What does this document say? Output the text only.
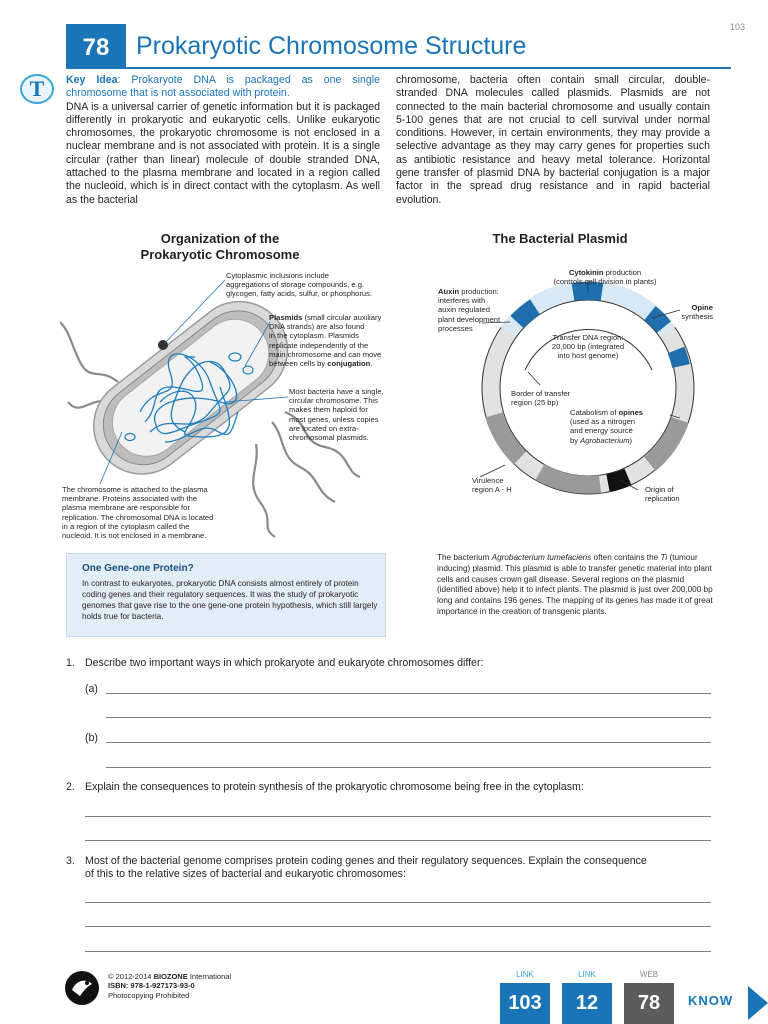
78 Prokaryotic Chromosome Structure
103
T	Key Idea: Prokaryote DNA is packaged as one single chromosome that is not associated with protein.
DNA is a universal carrier of genetic information but it is packaged differently in prokaryotic and eukaryotic cells. Unlike eukaryotic chromosomes, the prokaryotic chromosome is not enclosed in a nuclear membrane and is not associated with protein. It is a single circular (rather than linear) molecule of double stranded DNA, attached to the plasma membrane and located in a region called the nucleoid, which is in direct contact with the cytoplasm. As well as the bacterial
chromosome, bacteria often contain small circular, double-stranded DNA molecules called plasmids. Plasmids are not connected to the main bacterial chromosome and usually contain 5-100 genes that are not crucial to cell survival under normal conditions. However, in certain environments, they may provide a selective advantage as they may carry genes for properties such as antibiotic resistance and heavy metal tolerance. Horizontal gene transfer of plasmid DNA by bacterial conjugation is a major factor in the spread drug resistance and in rapid bacterial evolution.
Organization of the
Prokaryotic Chromosome
Cytoplasmic inclusions include
aggregations of storage compounds, e.g.
glycogen, fatty acids, sulfur, or phosphorus.
Plasmids (small circular auxiliary
DNA strands) are also found
in the cytoplasm. Plasmids
replicate independently of the
main chromosome and can move
between cells by conjugation.
Most bacteria have a single,
circular chromosome. This
makes them haploid for
most genes, unless copies
are located on extra-
chromosomal plasmids.
The chromosome is attached to the plasma
membrane. Proteins associated with the
plasma membrane are responsible for
replication. The chromosomal DNA is located
in a region of the cytoplasm called the
nucleoid. It is not enclosed in a membrane.
The Bacterial Plasmid
Cytokinin production
(controls cell division in plants)
Auxin production:
interferes with
auxin regulated
plant development
processes
Opine
synthesis
Transfer DNA region:
20,000 bp (integrated
into host genome)
Border of transfer
region (25 bp)
Catabolism of opines
(used as a nitrogen
and energy source
by Agrobacterium)
Virulence
region A - H	Origin of
replication
One Gene-one Protein?
In contrast to eukaryotes, prokaryotic DNA consists almost entirely of protein coding genes and their regulatory sequences. It was the study of prokaryotic genomes that gave rise to the one gene-one protein hypothesis, which still largely holds true for bacteria.
The bacterium Agrobacterium tumefaciens often contains the Ti (tumour inducing) plasmid. This plasmid is able to transfer genetic material into plant cells and causes crown gall disease. Several regions on the plasmid (identified above) help it to infect plants. The plasmid is just over 200,000 bp long and contains 196 genes. The mapping of its genes has made it of great importance in the creation of transgenic plants.
1. Describe two important ways in which prokaryote and eukaryote chromosomes differ:
(a)
(b)
2. Explain the consequences to protein synthesis of the prokaryotic chromosome being free in the cytoplasm:
3. Most of the bacterial genome comprises protein coding genes and their regulatory sequences. Explain the consequence
of this to the relative sizes of bacterial and eukaryotic chromosomes:
© 2012-2014 BIOZONE International
ISBN: 978-1-927173-93-0
Photocopying Prohibited
LINK
103
LINK
12
WEB
78	KNOW
